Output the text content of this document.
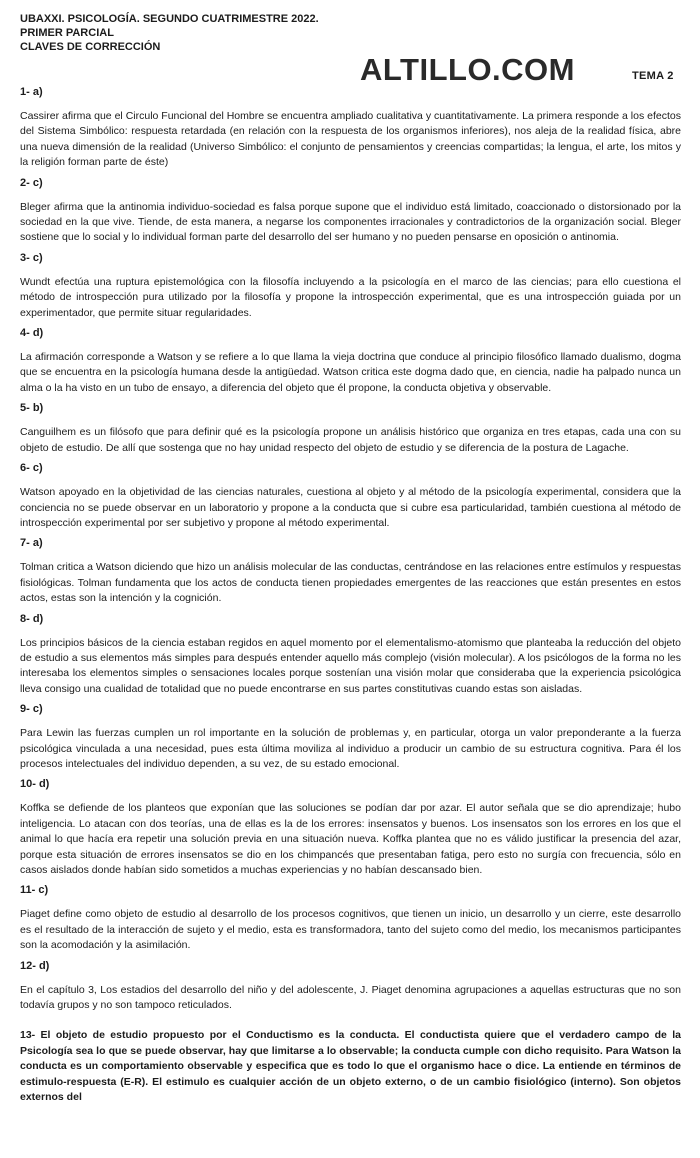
UBAXXI. PSICOLOGÍA. SEGUNDO CUATRIMESTRE 2022.
PRIMER PARCIAL
CLAVES DE CORRECCIÓN
ALTILLO.COM	TEMA 2
1- a)
Cassirer afirma que el Circulo Funcional del Hombre se encuentra ampliado cualitativa y cuantitativamente. La primera responde a los efectos del Sistema Simbólico: respuesta retardada (en relación con la respuesta de los organismos inferiores), nos aleja de la realidad física, abre una nueva dimensión de la realidad (Universo Simbólico: el conjunto de pensamientos y creencias compartidas; la lengua, el arte, los mitos y la religión forman parte de éste)
2- c)
Bleger afirma que la antinomia individuo-sociedad es falsa porque supone que el individuo está limitado, coaccionado o distorsionado por la sociedad en la que vive. Tiende, de esta manera, a negarse los componentes irracionales y contradictorios de la organización social. Bleger sostiene que lo social y lo individual forman parte del desarrollo del ser humano y no pueden pensarse en oposición o antinomia.
3- c)
Wundt efectúa una ruptura epistemológica con la filosofía incluyendo a la psicología en el marco de las ciencias; para ello cuestiona el método de introspección pura utilizado por la filosofía y propone la introspección experimental, que es una introspección guiada por un experimentador, que permite situar regularidades.
4- d)
La afirmación corresponde a Watson y se refiere a lo que llama la vieja doctrina que conduce al principio filosófico llamado dualismo, dogma que se encuentra en la psicología humana desde la antigüedad. Watson critica este dogma dado que, en ciencia, nadie ha palpado nunca un alma o la ha visto en un tubo de ensayo, a diferencia del objeto que él propone, la conducta objetiva y observable.
5- b)
Canguilhem es un filósofo que para definir qué es la psicología propone un análisis histórico que organiza en tres etapas, cada una con su objeto de estudio. De allí que sostenga que no hay unidad respecto del objeto de estudio y se diferencia de la postura de Lagache.
6- c)
Watson apoyado en la objetividad de las ciencias naturales, cuestiona al objeto y al método de la psicología experimental, considera que la conciencia no se puede observar en un laboratorio y propone a la conducta que si cubre esa particularidad, también cuestiona al método de introspección experimental por ser subjetivo y propone al método experimental.
7- a)
Tolman critica a Watson diciendo que hizo un análisis molecular de las conductas, centrándose en las relaciones entre estímulos y respuestas fisiológicas. Tolman fundamenta que los actos de conducta tienen propiedades emergentes de las reacciones que están presentes en estos actos, estas son la intención y la cognición.
8- d)
Los principios básicos de la ciencia estaban regidos en aquel momento por el elementalismo-atomismo que planteaba la reducción del objeto de estudio a sus elementos más simples para después entender aquello más complejo (visión molecular). A los psicólogos de la forma no les interesaba los elementos simples o sensaciones locales porque sostenían una visión molar que consideraba que la experiencia psicológica lleva consigo una cualidad de totalidad que no puede encontrarse en sus partes constitutivas cuando estas son aisladas.
9- c)
Para Lewin las fuerzas cumplen un rol importante en la solución de problemas y, en particular, otorga un valor preponderante a la fuerza psicológica vinculada a una necesidad, pues esta última moviliza al individuo a producir un cambio de su estructura cognitiva. Para él los procesos intelectuales del individuo dependen, a su vez, de su estado emocional.
10- d)
Koffka se defiende de los planteos que exponían que las soluciones se podían dar por azar. El autor señala que se dio aprendizaje; hubo inteligencia. Lo atacan con dos teorías, una de ellas es la de los errores: insensatos y buenos. Los insensatos son los errores en los que el animal lo que hacía era repetir una solución previa en una situación nueva. Koffka plantea que no es válido justificar la presencia del azar, porque esta situación de errores insensatos se dio en los chimpancés que presentaban fatiga, pero esto no surgía con frecuencia, sólo en casos aislados donde habían sido sometidos a muchas experiencias y no habían descansado bien.
11- c)
Piaget define como objeto de estudio al desarrollo de los procesos cognitivos, que tienen un inicio, un desarrollo y un cierre, este desarrollo es el resultado de la interacción de sujeto y el medio, esta es transformadora, tanto del sujeto como del medio, los mecanismos participantes son la acomodación y la asimilación.
12- d)
En el capítulo 3, Los estadios del desarrollo del niño y del adolescente, J. Piaget denomina agrupaciones a aquellas estructuras que no son todavía grupos y no son tampoco reticulados.
13- El objeto de estudio propuesto por el Conductismo es la conducta. El conductista quiere que el verdadero campo de la Psicología sea lo que se puede observar, hay que limitarse a lo observable; la conducta cumple con dicho requisito. Para Watson la conducta es un comportamiento observable y especifica que es todo lo que el organismo hace o dice. La entiende en términos de estimulo-respuesta (E-R). El estimulo es cualquier acción de un objeto externo, o de un cambio fisiológico (interno). Son objetos externos del
